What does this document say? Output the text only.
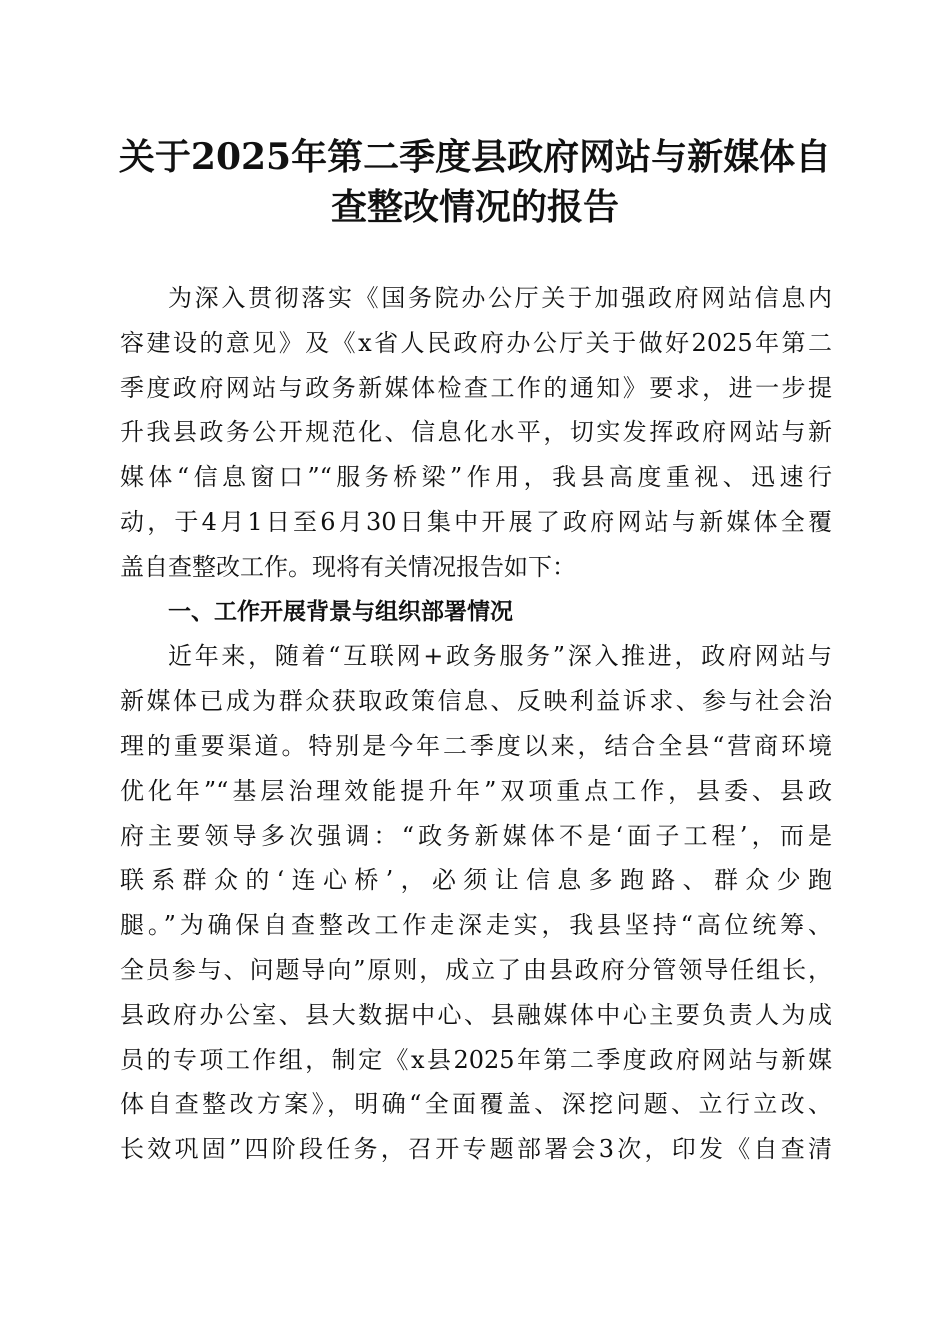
关于2025年第二季度县政府网站与新媒体自
查整改情况的报告
为深入贯彻落实《国务院办公厅关于加强政府网站信息内
容建设的意见》及《x省人民政府办公厅关于做好2025年第二
季度政府网站与政务新媒体检查工作的通知》要求，进一步提
升我县政务公开规范化、信息化水平，切实发挥政府网站与新
媒体“信息窗口”“服务桥梁”作用，我县高度重视、迅速行
动，于4月1日至6月30日集中开展了政府网站与新媒体全覆
盖自查整改工作。现将有关情况报告如下：
一、工作开展背景与组织部署情况
近年来，随着“互联网+政务服务”深入推进，政府网站与
新媒体已成为群众获取政策信息、反映利益诉求、参与社会治
理的重要渠道。特别是今年二季度以来，结合全县“营商环境
优化年”“基层治理效能提升年”双项重点工作，县委、县政
府主要领导多次强调：“政务新媒体不是‘面子工程’，而是
联系群众的‘连心桥’，必须让信息多跑路、群众少跑
腿。”为确保自查整改工作走深走实，我县坚持“高位统筹、
全员参与、问题导向”原则，成立了由县政府分管领导任组长，
县政府办公室、县大数据中心、县融媒体中心主要负责人为成
员的专项工作组，制定《x县2025年第二季度政府网站与新媒
体自查整改方案》，明确“全面覆盖、深挖问题、立行立改、
长效巩固”四阶段任务，召开专题部署会3次，印发《自查清
